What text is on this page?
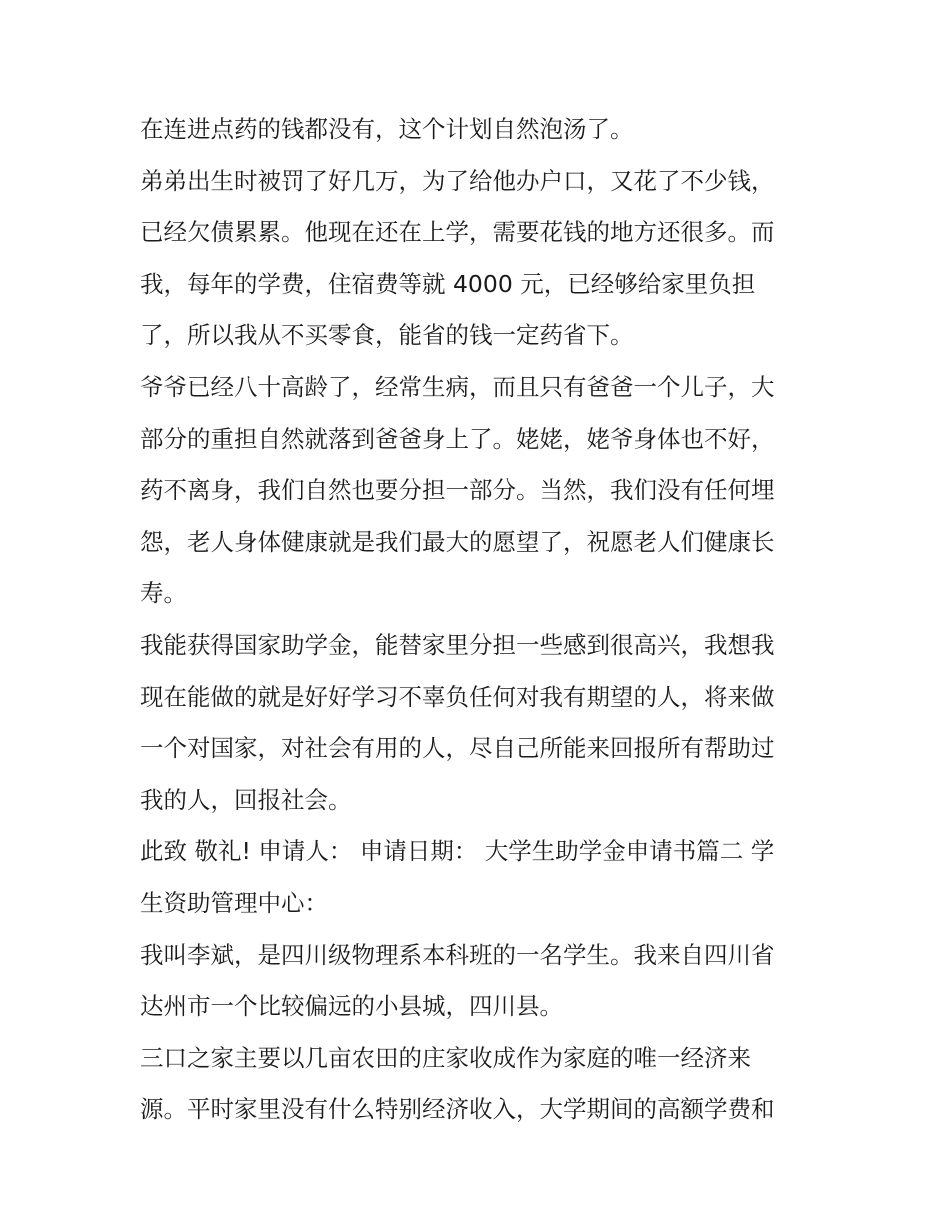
在连进点药的钱都没有，这个计划自然泡汤了。
弟弟出生时被罚了好几万，为了给他办户口，又花了不少钱，
已经欠债累累。他现在还在上学，需要花钱的地方还很多。而
我，每年的学费，住宿费等就 4000 元，已经够给家里负担
了，所以我从不买零食，能省的钱一定药省下。
爷爷已经八十高龄了，经常生病，而且只有爸爸一个儿子，大
部分的重担自然就落到爸爸身上了。姥姥，姥爷身体也不好，
药不离身，我们自然也要分担一部分。当然，我们没有任何埋
怨，老人身体健康就是我们最大的愿望了，祝愿老人们健康长
寿。
我能获得国家助学金，能替家里分担一些感到很高兴，我想我
现在能做的就是好好学习不辜负任何对我有期望的人，将来做
一个对国家，对社会有用的人，尽自己所能来回报所有帮助过
我的人，回报社会。
此致 敬礼! 申请人： 申请日期： 大学生助学金申请书篇二 学
生资助管理中心：
我叫李斌，是四川级物理系本科班的一名学生。我来自四川省
达州市一个比较偏远的小县城，四川县。
三口之家主要以几亩农田的庄家收成作为家庭的唯一经济来
源。平时家里没有什么特别经济收入，大学期间的高额学费和
